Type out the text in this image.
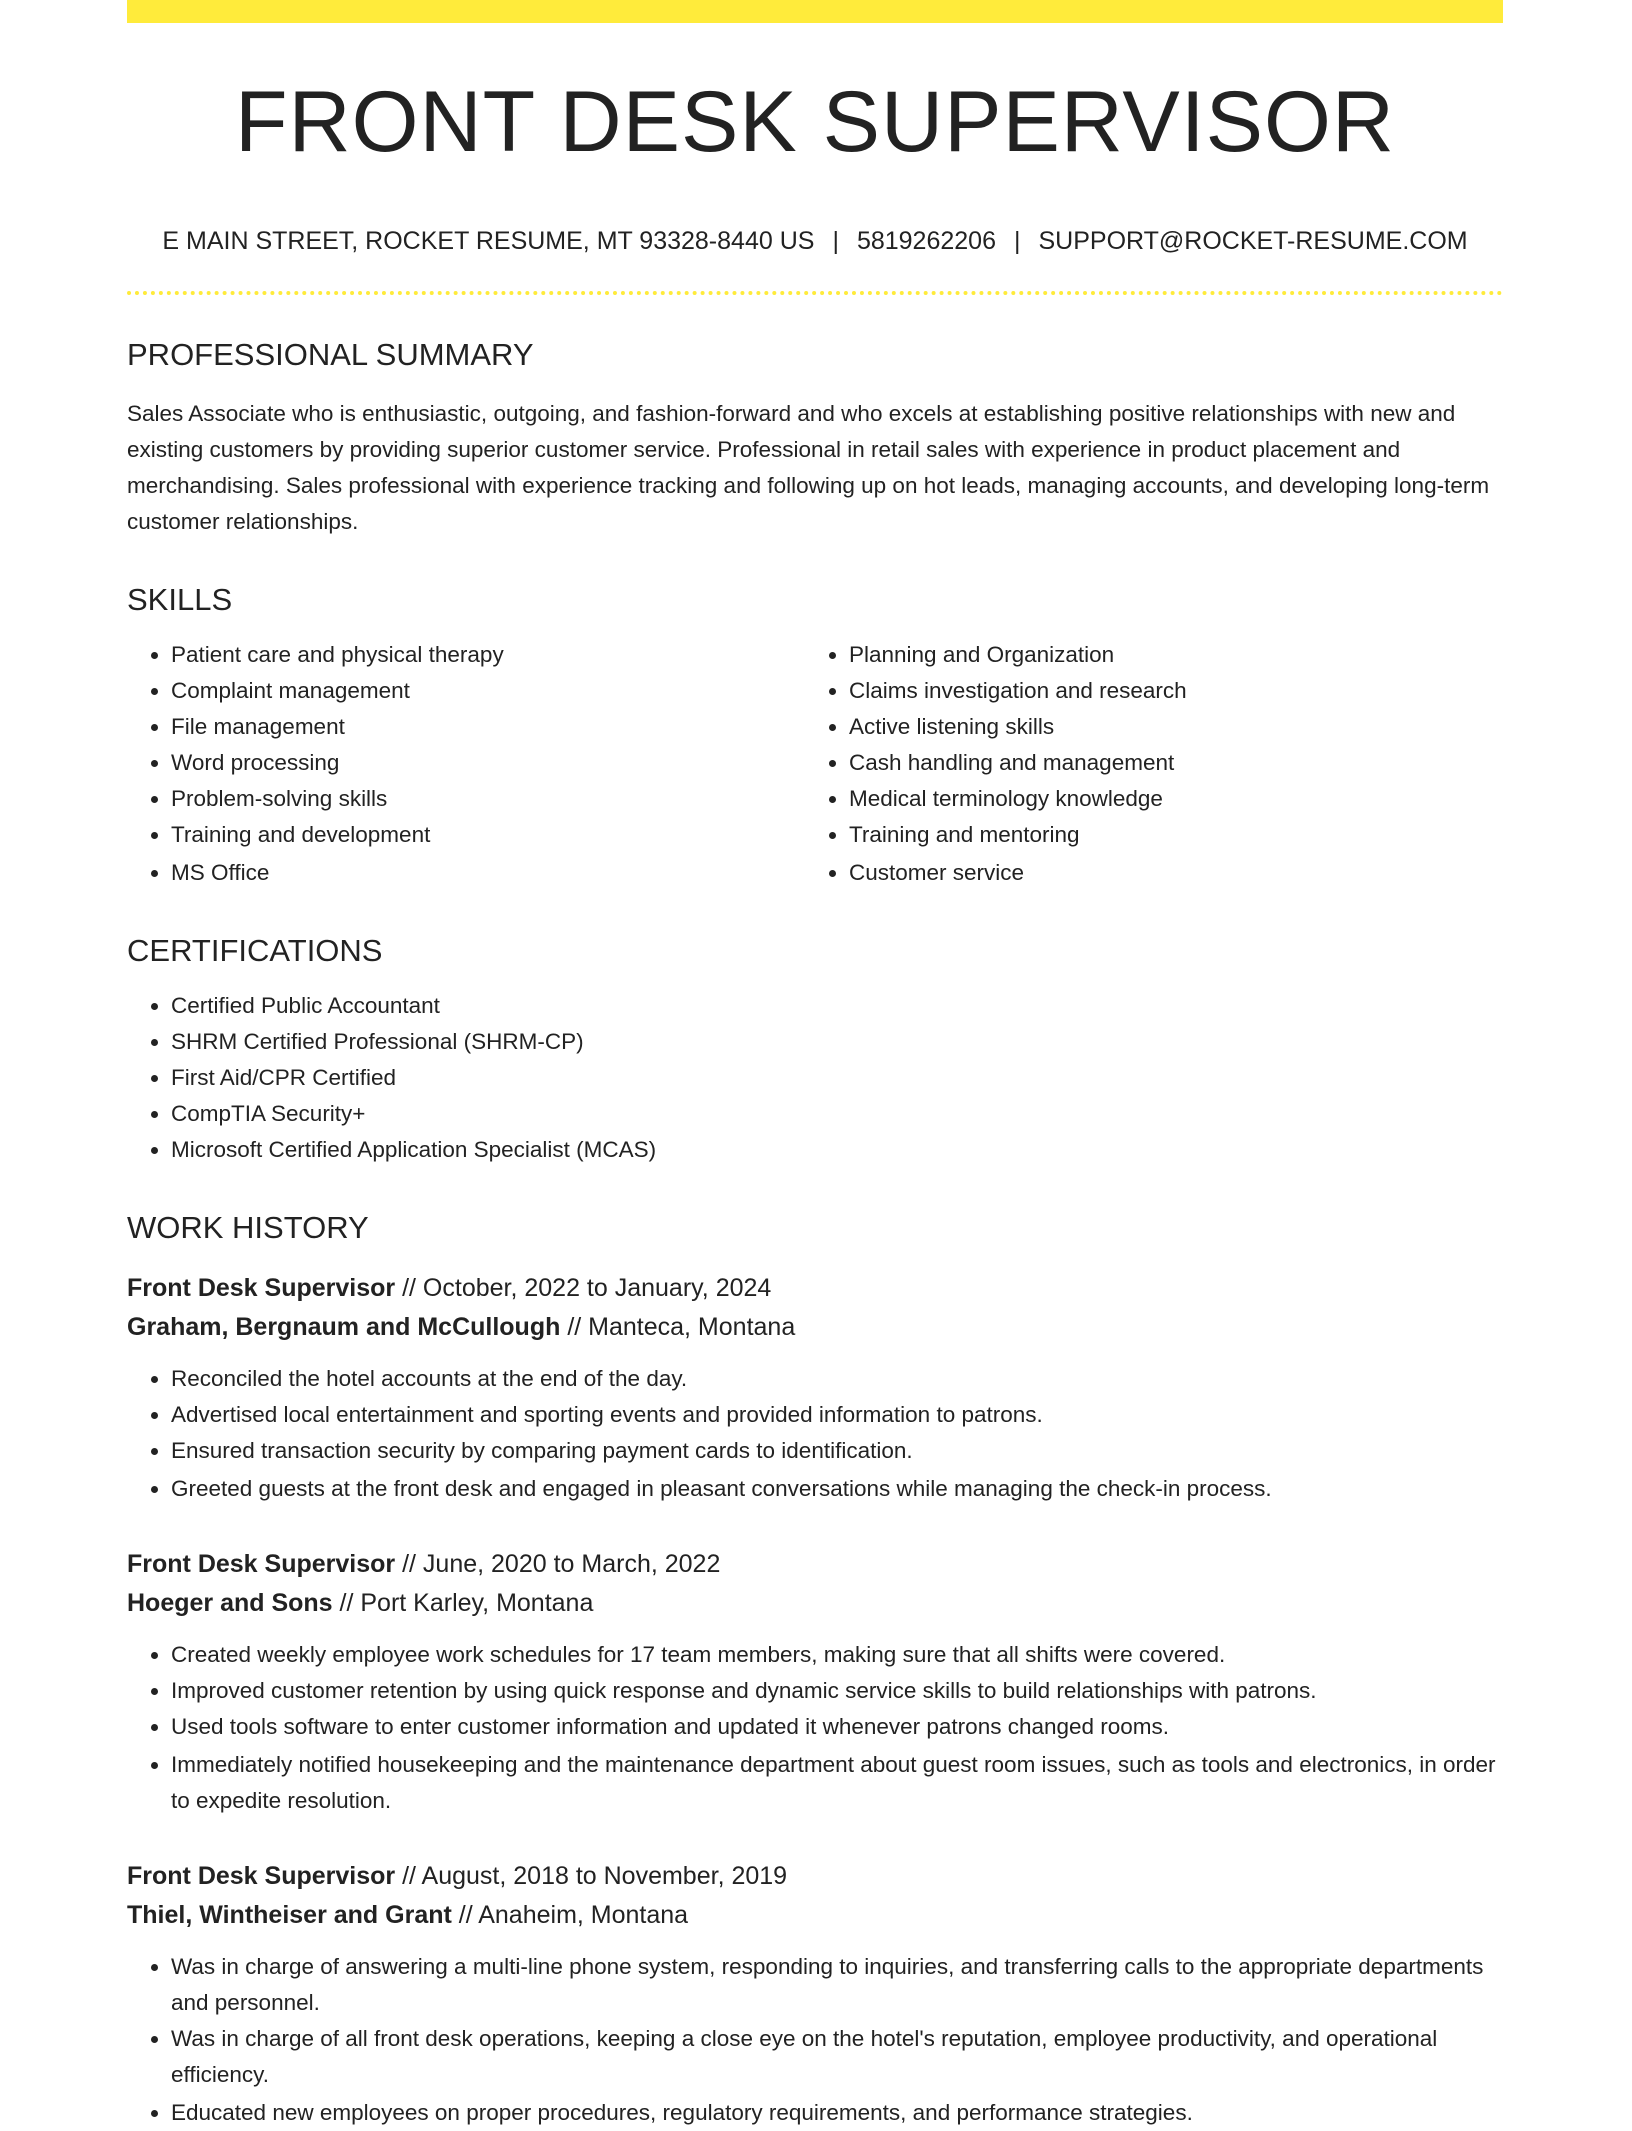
FRONT DESK SUPERVISOR
E MAIN STREET, ROCKET RESUME, MT 93328-8440 US | 5819262206 | SUPPORT@ROCKET-RESUME.COM
PROFESSIONAL SUMMARY

Sales Associate who is enthusiastic, outgoing, and fashion-forward and who excels at establishing positive relationships with new and existing customers by providing superior customer service. Professional in retail sales with experience in product placement and merchandising. Sales professional with experience tracking and following up on hot leads, managing accounts, and developing long-term customer relationships.

SKILLS
• Patient care and physical therapy
• Complaint management
• File management
• Word processing
• Problem-solving skills
• Training and development
• MS Office
• Planning and Organization
• Claims investigation and research
• Active listening skills
• Cash handling and management
• Medical terminology knowledge
• Training and mentoring
• Customer service
CERTIFICATIONS
• Certified Public Accountant
• SHRM Certified Professional (SHRM-CP)
• First Aid/CPR Certified
• CompTIA Security+
• Microsoft Certified Application Specialist (MCAS)
WORK HISTORY
Front Desk Supervisor // October, 2022 to January, 2024
Graham, Bergnaum and McCullough // Manteca, Montana
• Reconciled the hotel accounts at the end of the day.
• Advertised local entertainment and sporting events and provided information to patrons.
• Ensured transaction security by comparing payment cards to identification.
• Greeted guests at the front desk and engaged in pleasant conversations while managing the check-in process.
Front Desk Supervisor // June, 2020 to March, 2022
Hoeger and Sons // Port Karley, Montana
• Created weekly employee work schedules for 17 team members, making sure that all shifts were covered.
• Improved customer retention by using quick response and dynamic service skills to build relationships with patrons.
• Used tools software to enter customer information and updated it whenever patrons changed rooms.
• Immediately notified housekeeping and the maintenance department about guest room issues, such as tools and electronics, in order to expedite resolution.
Front Desk Supervisor // August, 2018 to November, 2019
Thiel, Wintheiser and Grant // Anaheim, Montana
• Was in charge of answering a multi-line phone system, responding to inquiries, and transferring calls to the appropriate departments and personnel.
• Was in charge of all front desk operations, keeping a close eye on the hotel's reputation, employee productivity, and operational efficiency.
• Educated new employees on proper procedures, regulatory requirements, and performance strategies.
